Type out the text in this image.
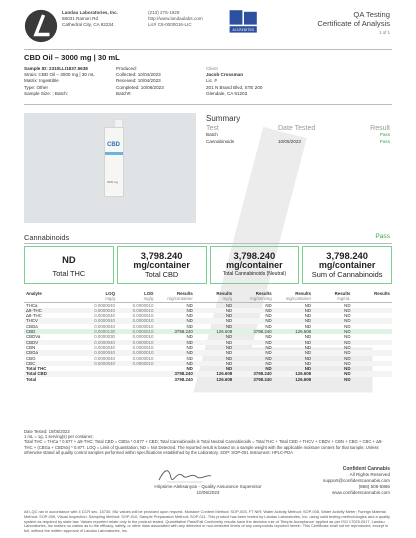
Landau Laboratories, Inc.
68031 Ramon Rd
Cathedral City, CA 92234
(213) 275-1929
http://www.landaulabs.com
Lic# C8-0000016-LIC
ACCREDITED
QA Testing
Certificate of Analysis
1 of 1
CBD Oil – 3000 mg | 30 mL
Sample ID: 2310LLI1837.5638
Strain: CBD Oil – 3000 mg | 30 mL
Matrix: Ingestible
Type: Other
Sample Size: ; Batch:
Produced:
Collected: 10/04/2023
Received: 10/04/2023
Completed: 10/06/2023
Batch#:
Client
Jacob Crossman
Lic. #
201 N Brand Blvd, STE 200
Glendale, CA 91203
CBD
3000 mg
Summary
Test	Date Tested	Result
Batch	Pass
Cannabinoids	10/05/2023	Pass
Cannabinoids	Pass
ND
Total THC
3,798.240
mg/container
Total CBD
3,798.240
mg/container
Total Cannabinoids (Neutral)
3,798.240
mg/container
Sum of Cannabinoids
Analyte	LOQ	LOD	Results	Results	Results	Results	Results	Results
	mg/g	mg/g	mg/container	mg/g	mg/serving	mg/container	mg/mL	
THCa	0.0000040	0.0000010	ND	ND	ND	ND	ND	
Δ9-THC	0.0000040	0.0000010	ND	ND	ND	ND	ND	
Δ8-THC	0.0000040	0.0000010	ND	ND	ND	ND	ND	
THCV	0.0000040	0.0000010	ND	ND	ND	ND	ND	
CBDa	0.0000040	0.0000010	ND	ND	ND	ND	ND	
CBD	0.0000130	0.0000010	3798.240	126.608	3798.240	126.608	ND	
CBDVa	0.0000030	0.0000010	ND	ND	ND	ND	ND	
CBDV	0.0000040	0.0000010	ND	ND	ND	ND	ND	
CBN	0.0000040	0.0000010	ND	ND	ND	ND	ND	
CBGa	0.0000040	0.0000010	ND	ND	ND	ND	ND	
CBG	0.0000040	0.0000010	ND	ND	ND	ND	ND	
CBC	0.0000040	0.0000010	ND	ND	ND	ND	ND	
Total THC			ND	ND	ND	ND	ND	
Total CBD			3798.240	126.608	3798.240	126.608	ND	
Total			3798.240	126.608	3798.240	126.608	ND	
Date Tested: 10/05/2023
1 mL = 1g, 1 serving(s) per container;
Total THC = THCa * 0.877 + Δ9-THC; Total CBD = CBDa * 0.877 + CBD; Total Cannabinoids is Total Neutral Cannabinoids = Total THC + Total CBD + THCV + CBDV + CBN + CBG + CBC + Δ8-
THC + (CBGa + CBDVa) * 0.877. LOQ = Limit of Quantitation; ND = Not Detected. The reported result is based on a sample weight with the applicable moisture content for that sample; Unless
otherwise stated all quality control samples performed within specifications established by the Laboratory. SOP: SOP-001 Instrument: HPLC-PDA
Hripsime Aleksanyan - Quality Assurance Supervisor
10/06/2023
Confident Cannabis
All Rights Reserved
support@confidentcannabis.com
(866) 506-5866
www.confidentcannabis.com
All LQC ran in accordance with 4 CCR sec. 15730. MU values will be provided upon request. Moisture Content Method: SOP-003, FT NIR; Water Activity Method: SOP-008, Water Activity Meter; Foreign Material Method: SOP-009, Visual Inspection. Sampling Method: SOP-010, Sample Preparation Method; SOP-011. This product has been tested by Landau Laboratories, Inc. using valid testing methodologies and a quality system as required by state law. Values reported relate only to the product tested. Quantitative Pass/Fail Conformity results have the decision rule of 'Simple Acceptance' applied as per ISO 17025:2017. Landau Laboratories, Inc makes no claims as to the efficacy, safety, or other risks associated with any detected or non-detected levels of any compounds reported herein. This Certificate shall not be reproduced, except in full, without the written approval of Landau Laboratories, Inc.
